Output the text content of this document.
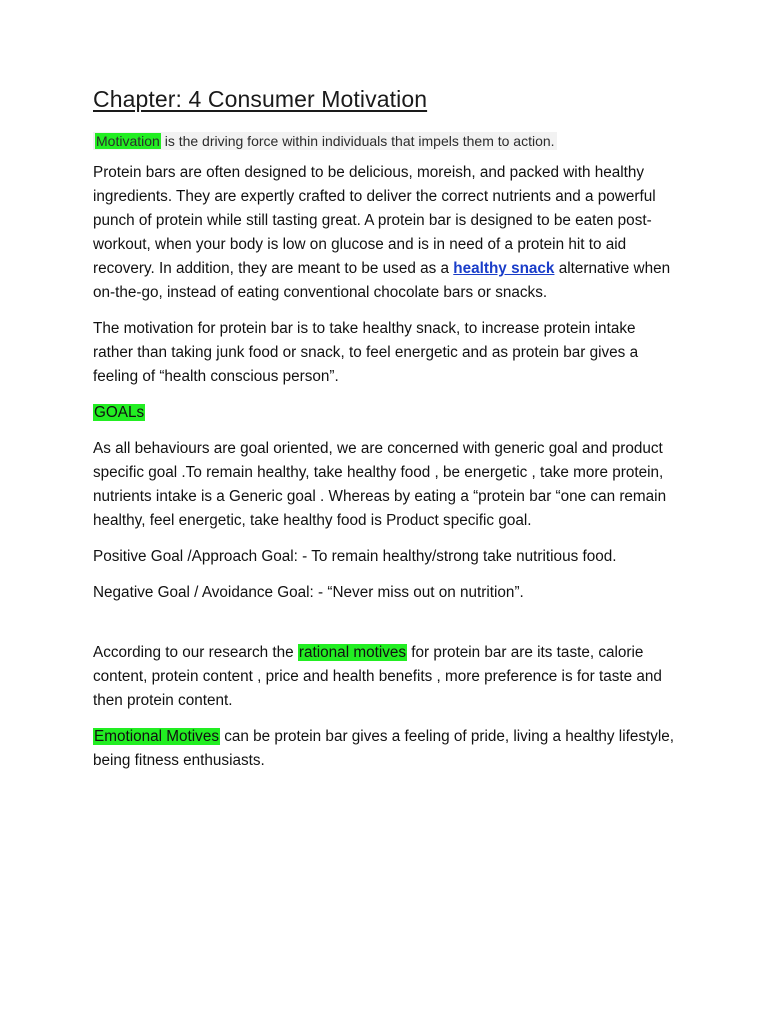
Chapter: 4 Consumer Motivation

Motivation is the driving force within individuals that impels them to action.

Protein bars are often designed to be delicious, moreish, and packed with healthy ingredients. They are expertly crafted to deliver the correct nutrients and a powerful punch of protein while still tasting great. A protein bar is designed to be eaten post-workout, when your body is low on glucose and is in need of a protein hit to aid recovery. In addition, they are meant to be used as a healthy snack alternative when on-the-go, instead of eating conventional chocolate bars or snacks.

The motivation for protein bar is to take healthy snack, to increase protein intake rather than taking junk food or snack, to feel energetic and as protein bar gives a feeling of “health conscious person”.

GOALs

As all behaviours are goal oriented, we are concerned with generic goal and product specific goal .To remain healthy, take healthy food , be energetic , take more protein, nutrients intake is a Generic goal . Whereas by eating a “protein bar “one can remain healthy, feel energetic, take healthy food is Product specific goal.

Positive Goal /Approach Goal: - To remain healthy/strong take nutritious food.

Negative Goal / Avoidance Goal: - “Never miss out on nutrition”.

According to our research the rational motives for protein bar are its taste, calorie content, protein content , price and health benefits , more preference is for taste and then protein content.

Emotional Motives can be protein bar gives a feeling of pride, living a healthy lifestyle, being fitness enthusiasts.
